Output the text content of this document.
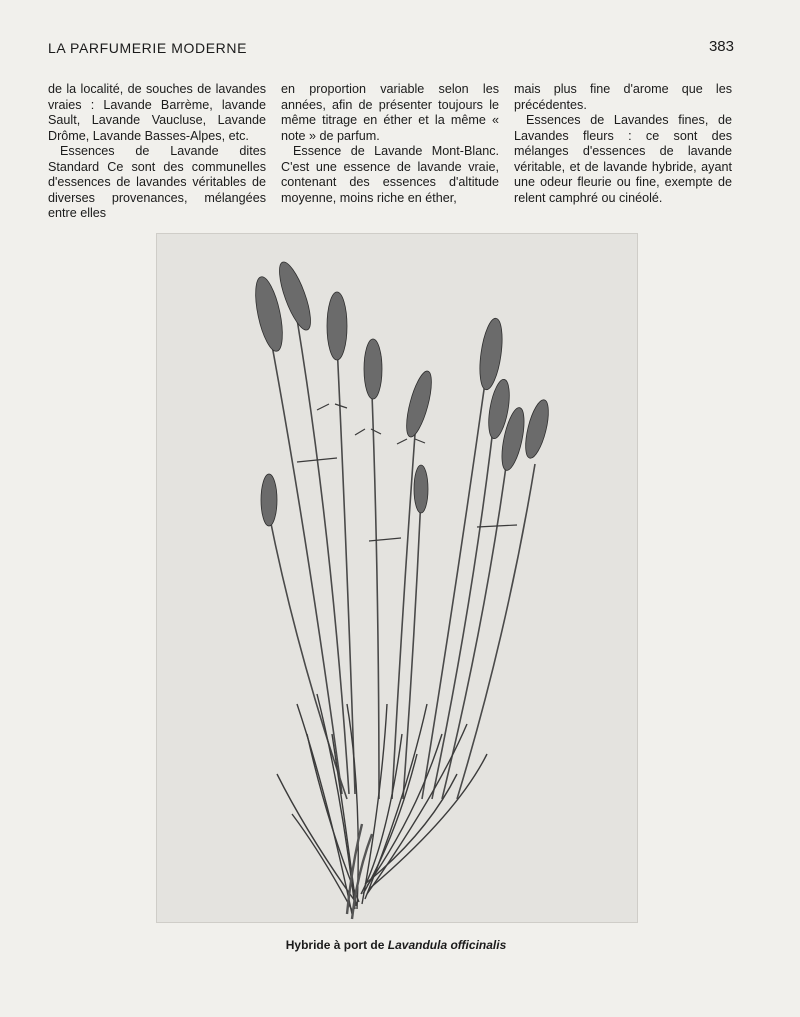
LA PARFUMERIE MODERNE	383

de la localité, de souches de lavandes vraies : Lavande Barrème, lavande Sault, Lavande Vaucluse, Lavande Drôme, Lavande Basses-Alpes, etc.

Essences de Lavande dites Standard Ce sont des communelles d'essences de lavandes véritables de diverses provenances, mélangées entre elles

en proportion variable selon les années, afin de présenter toujours le même titrage en éther et la même « note » de parfum.

Essence de Lavande Mont-Blanc. C'est une essence de lavande vraie, contenant des essences d'altitude moyenne, moins riche en éther,

mais plus fine d'arome que les précédentes.

Essences de Lavandes fines, de Lavandes fleurs : ce sont des mélanges d'essences de lavande véritable, et de lavande hybride, ayant une odeur fleurie ou fine, exempte de relent camphré ou cinéolé.

Hybride à port de Lavandula officinalis
